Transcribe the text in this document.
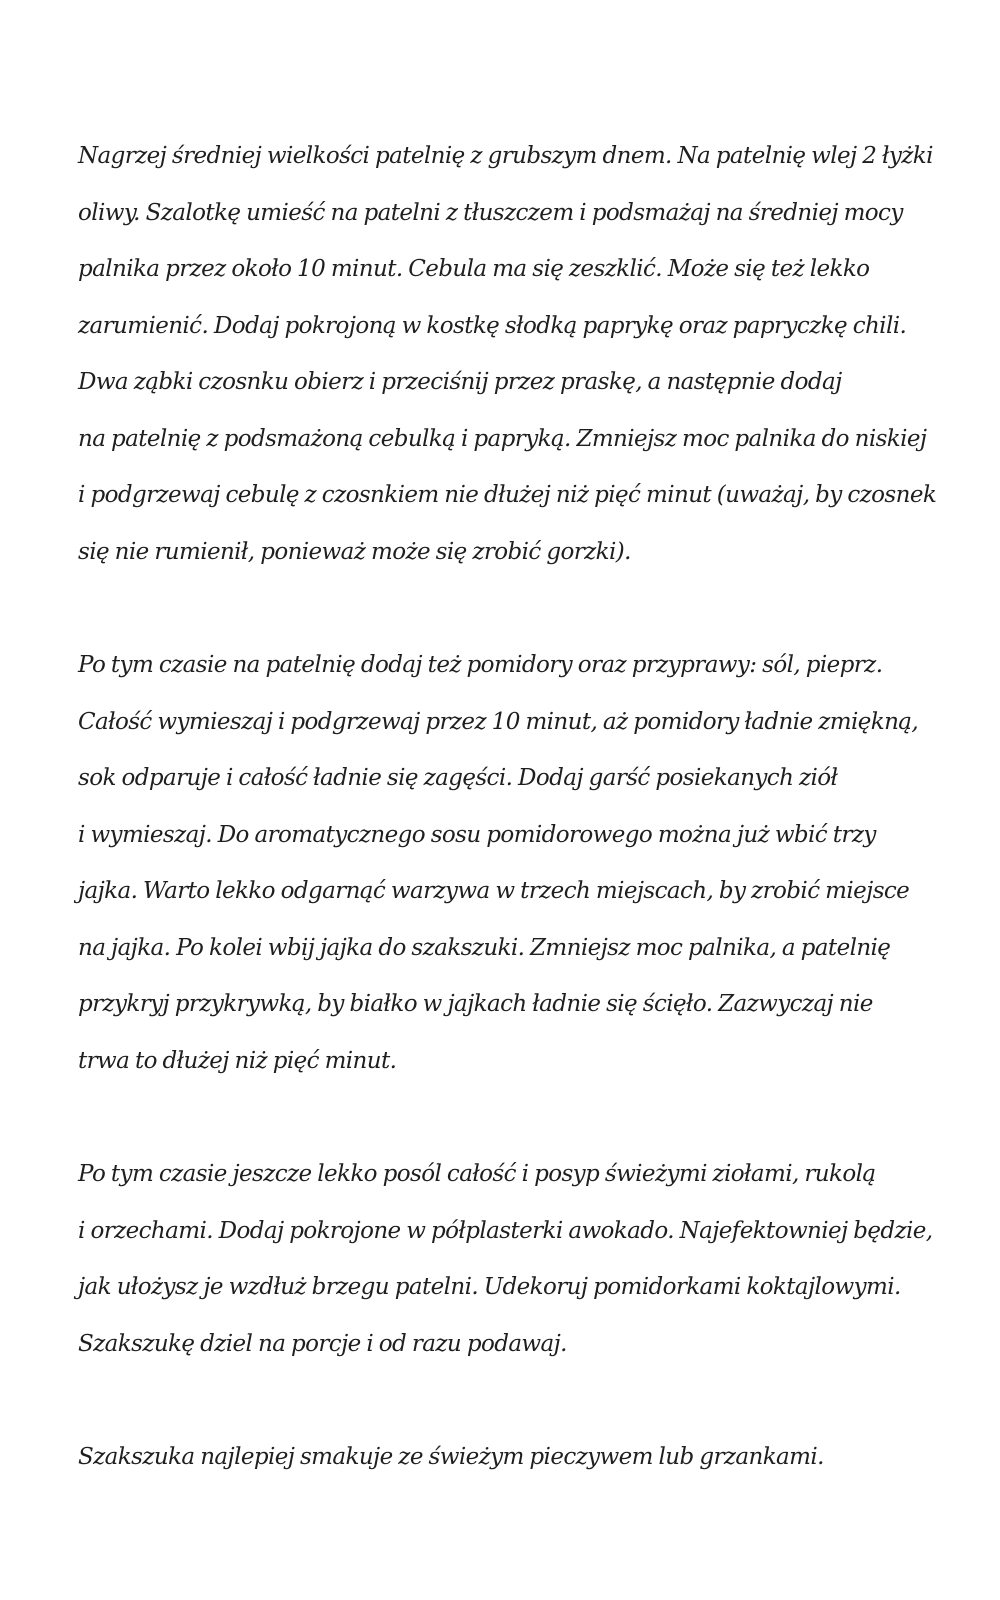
Nagrzej średniej wielkości patelnię z grubszym dnem. Na patelnię wlej 2 łyżki
oliwy. Szalotkę umieść na patelni z tłuszczem i podsmażaj na średniej mocy
palnika przez około 10 minut. Cebula ma się zeszklić. Może się też lekko
zarumienić. Dodaj pokrojoną w kostkę słodką paprykę oraz papryczkę chili.
Dwa ząbki czosnku obierz i przeciśnij przez praskę, a następnie dodaj
na patelnię z podsmażoną cebulką i papryką. Zmniejsz moc palnika do niskiej
i podgrzewaj cebulę z czosnkiem nie dłużej niż pięć minut (uważaj, by czosnek
się nie rumienił, ponieważ może się zrobić gorzki).
Po tym czasie na patelnię dodaj też pomidory oraz przyprawy: sól, pieprz.
Całość wymieszaj i podgrzewaj przez 10 minut, aż pomidory ładnie zmiękną,
sok odparuje i całość ładnie się zagęści. Dodaj garść posiekanych ziół
i wymieszaj. Do aromatycznego sosu pomidorowego można już wbić trzy
jajka. Warto lekko odgarnąć warzywa w trzech miejscach, by zrobić miejsce
na jajka. Po kolei wbij jajka do szakszuki. Zmniejsz moc palnika, a patelnię
przykryj przykrywką, by białko w jajkach ładnie się ścięło. Zazwyczaj nie
trwa to dłużej niż pięć minut.
Po tym czasie jeszcze lekko posól całość i posyp świeżymi ziołami, rukolą
i orzechami. Dodaj pokrojone w półplasterki awokado. Najefektowniej będzie,
jak ułożysz je wzdłuż brzegu patelni. Udekoruj pomidorkami koktajlowymi.
Szakszukę dziel na porcje i od razu podawaj.
Szakszuka najlepiej smakuje ze świeżym pieczywem lub grzankami.
